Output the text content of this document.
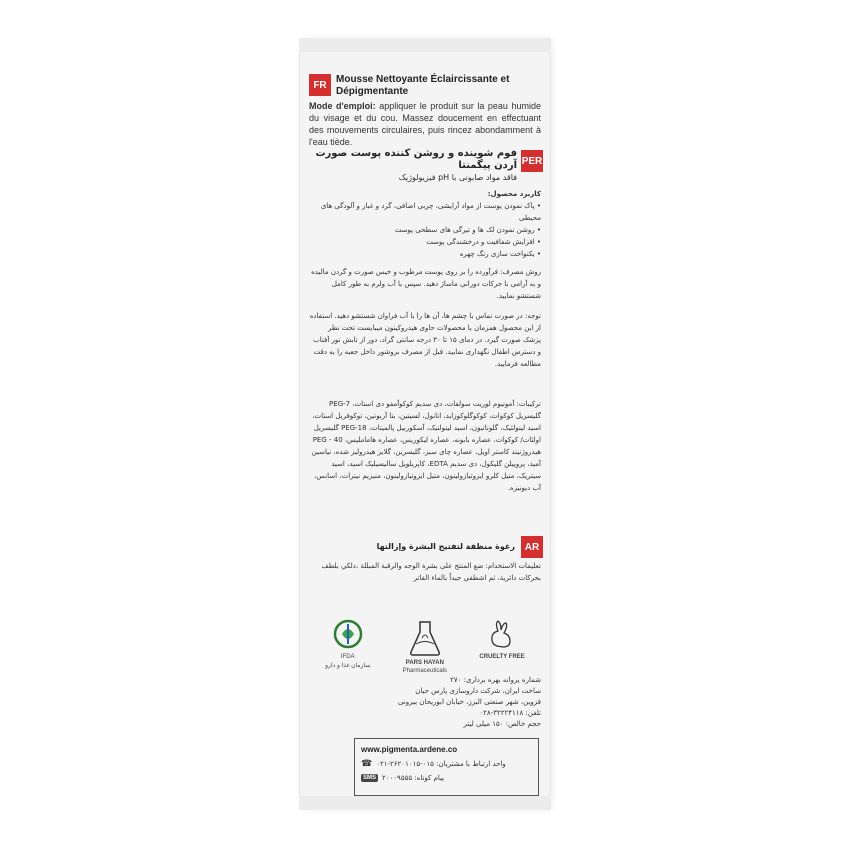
FR Mousse Nettoyante Éclaircissante et Dépigmentante
Mode d'emploi: appliquer le produit sur la peau humide du visage et du cou. Massez doucement en effectuant des mouvements circulaires, puis rincez abondamment à l'eau tiède.
PER
فوم شوینده و روشن کننده پوست صورت آردن پیگمنتا
فاقد مواد صابونی با pH فیزیولوژیک
کاربرد محصول:
• پاک نمودن پوست از مواد آرایشی، چربی اضافی، گرد و غبار و آلودگی های محیطی
• روشن نمودن لک ها و تیرگی های سطحی پوست
• افزایش شفافیت و درخشندگی پوست
• یکنواخت سازی رنگ چهره
روش مصرف: فرآورده را بر روی پوست مرطوب و خیس صورت و گردن مالیده و به آرامی با حرکات دورانی ماساژ دهید. سپس با آب ولرم به طور کامل شستشو نمایید.
توجه: در صورت تماس با چشم ها، آن ها را با آب فراوان شستشو دهید. استفاده از این محصول همزمان با محصولات حاوی هیدروکینون میبایست تحت نظر پزشک صورت گیرد. در دمای ۱۵ تا ۳۰ درجه سانتی گراد، دور از تابش نور آفتاب و دسترس اطفال نگهداری نمایید. قبل از مصرف بروشور داخل جعبه را به دقت مطالعه فرمایید.
ترکیبات: آمونیوم لوریت سولفات، دی سدیم کوکوآمفو دی استات، PEG-7 گلیسریل کوکوات، کوکوگلوکوزاید، اتانول، لسیتین، بتا آربوتین، توکوفریل استات، اسید لینولئیک، گلوتاتیون، اسید لینولنیک، آسکوربیل پالمیتات، PEG-18 گلیسریل اولئات/ کوکوات، عصاره بابونه، عصاره لیکوریس، عصاره هاماملیس، PEG - 40 هیدروژنیتد کاستر اویل، عصاره چای سبز، گلیسرین، گلایز هیدرولیز شده، نیاسین آمید، پروپیلن گلیکول، دی سدیم EDTA، کاپریلویل سالیسیلیک اسید، اسید سیتریک، متیل کلرو ایزوتیازولینون، متیل ایزوتیازولینون، منیزیم نیترات، اسانس، آب دیونیزه.
AR
رغوة منظفة لتفتيح البشرة وإزالتها
تعليمات الاستخدام: ضع المنتج على بشرة الوجه والرقبة المبللة ،دلكي بلطف بحركات دائرية، ثم اشطفي جيداً بالماء الفاتر
IFDA
سازمان غذا و دارو	PARS HAYAN
Pharmaceuticals
CRUELTY FREE
شماره پروانه بهره برداری: ۲۷۰
ساخت ایران، شرکت داروسازی پارس حیان
قزوین، شهر صنعتی البرز، خیابان ابوریحان بیرونی
تلفن: ۳۲۲۲۴۱۱۸-۰۲۸
حجم خالص: ۱۵۰ میلی لیتر
www.pigmenta.ardene.co
☎ واحد ارتباط با مشتریان: ۰۱۵-۲۶۲۰۱۰۱۵-۰۲۱
SMS پیام کوتاه: ۲۰۰۰۹۵۵۵
